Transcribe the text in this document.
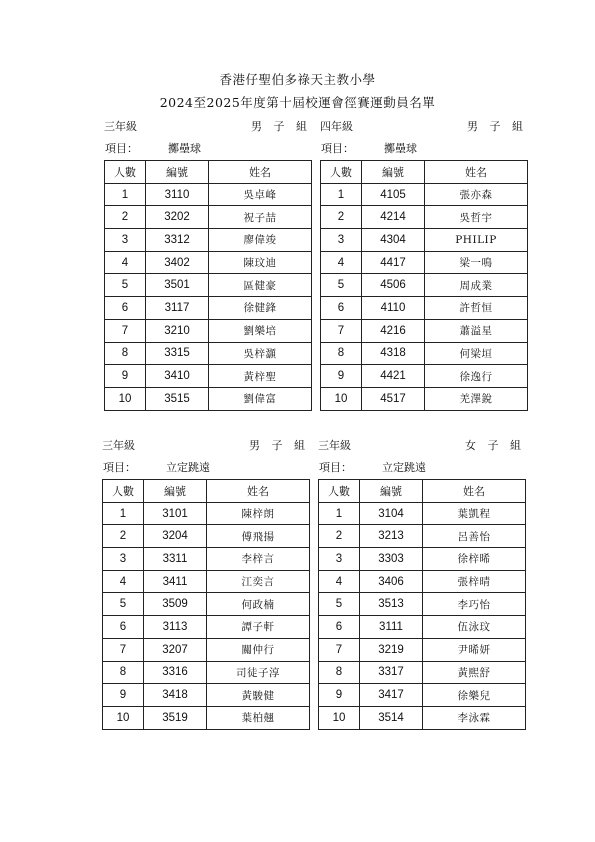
香港仔聖伯多祿天主教小學
2024至2025年度第十屆校運會徑賽運動員名單
三年級	男 子 組
項目：	擲壘球
人數	編號	姓名
1	3110	吳卓峰
2	3202	祝子喆
3	3312	廖偉竣
4	3402	陳玟迪
5	3501	區健豪
6	3117	徐健鋒
7	3210	劉樂培
8	3315	吳梓灝
9	3410	黃梓聖
10	3515	劉偉富
四年級	男 子 組
項目：	擲壘球
人數	編號	姓名
1	4105	張亦森
2	4214	吳哲宇
3	4304	PHILIP
4	4417	梁一鳴
5	4506	周成業
6	4110	許哲恒
7	4216	蕭溢星
8	4318	何梁垣
9	4421	徐逸行
10	4517	羌澤銳
三年級	男 子 組
項目：	立定跳遠
人數	編號	姓名
1	3101	陳梓朗
2	3204	傅飛揚
3	3311	李梓言
4	3411	江奕言
5	3509	何政楠
6	3113	譚子軒
7	3207	關仲行
8	3316	司徒子淳
9	3418	黃駿健
10	3519	葉柏翹
三年級	女 子 組
項目：	立定跳遠
人數	編號	姓名
1	3104	葉凱程
2	3213	呂善怡
3	3303	徐梓晞
4	3406	張梓晴
5	3513	李巧怡
6	3111	伍泳玟
7	3219	尹晞妍
8	3317	黃熙舒
9	3417	徐樂兒
10	3514	李泳霖
